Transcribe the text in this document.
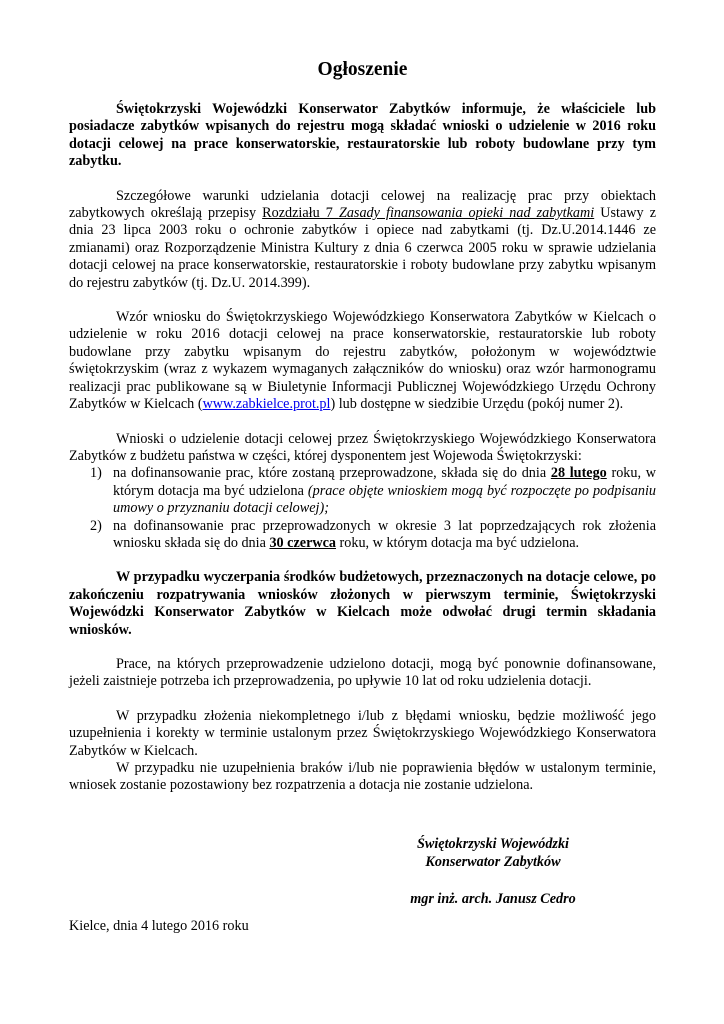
Ogłoszenie

Świętokrzyski Wojewódzki Konserwator Zabytków informuje, że właściciele lub posiadacze zabytków wpisanych do rejestru mogą składać wnioski o udzielenie w 2016 roku dotacji celowej na prace konserwatorskie, restauratorskie lub roboty budowlane przy tym zabytku.

Szczegółowe warunki udzielania dotacji celowej na realizację prac przy obiektach zabytkowych określają przepisy Rozdziału 7 Zasady finansowania opieki nad zabytkami Ustawy z dnia 23 lipca 2003 roku o ochronie zabytków i opiece nad zabytkami (tj. Dz.U.2014.1446 ze zmianami) oraz Rozporządzenie Ministra Kultury z dnia 6 czerwca 2005 roku w sprawie udzielania dotacji celowej na prace konserwatorskie, restauratorskie i roboty budowlane przy zabytku wpisanym do rejestru zabytków (tj. Dz.U. 2014.399).

Wzór wniosku do Świętokrzyskiego Wojewódzkiego Konserwatora Zabytków w Kielcach o udzielenie w roku 2016 dotacji celowej na prace konserwatorskie, restauratorskie lub roboty budowlane przy zabytku wpisanym do rejestru zabytków, położonym w województwie świętokrzyskim (wraz z wykazem wymaganych załączników do wniosku) oraz wzór harmonogramu realizacji prac publikowane są w Biuletynie Informacji Publicznej Wojewódzkiego Urzędu Ochrony Zabytków w Kielcach (www.zabkielce.prot.pl) lub dostępne w siedzibie Urzędu (pokój numer 2).

Wnioski o udzielenie dotacji celowej przez Świętokrzyskiego Wojewódzkiego Konserwatora Zabytków z budżetu państwa w części, której dysponentem jest Wojewoda Świętokrzyski:

1) na dofinansowanie prac, które zostaną przeprowadzone, składa się do dnia 28 lutego roku, w którym dotacja ma być udzielona (prace objęte wnioskiem mogą być rozpoczęte po podpisaniu umowy o przyznaniu dotacji celowej);
2) na dofinansowanie prac przeprowadzonych w okresie 3 lat poprzedzających rok złożenia wniosku składa się do dnia 30 czerwca roku, w którym dotacja ma być udzielona.

W przypadku wyczerpania środków budżetowych, przeznaczonych na dotacje celowe, po zakończeniu rozpatrywania wniosków złożonych w pierwszym terminie, Świętokrzyski Wojewódzki Konserwator Zabytków w Kielcach może odwołać drugi termin składania wniosków.

Prace, na których przeprowadzenie udzielono dotacji, mogą być ponownie dofinansowane, jeżeli zaistnieje potrzeba ich przeprowadzenia, po upływie 10 lat od roku udzielenia dotacji.

W przypadku złożenia niekompletnego i/lub z błędami wniosku, będzie możliwość jego uzupełnienia i korekty w terminie ustalonym przez Świętokrzyskiego Wojewódzkiego Konserwatora Zabytków w Kielcach.

W przypadku nie uzupełnienia braków i/lub nie poprawienia błędów w ustalonym terminie, wniosek zostanie pozostawiony bez rozpatrzenia a dotacja nie zostanie udzielona.

Świętokrzyski Wojewódzki
Konserwator Zabytków
mgr inż. arch. Janusz Cedro
Kielce, dnia 4 lutego 2016 roku
